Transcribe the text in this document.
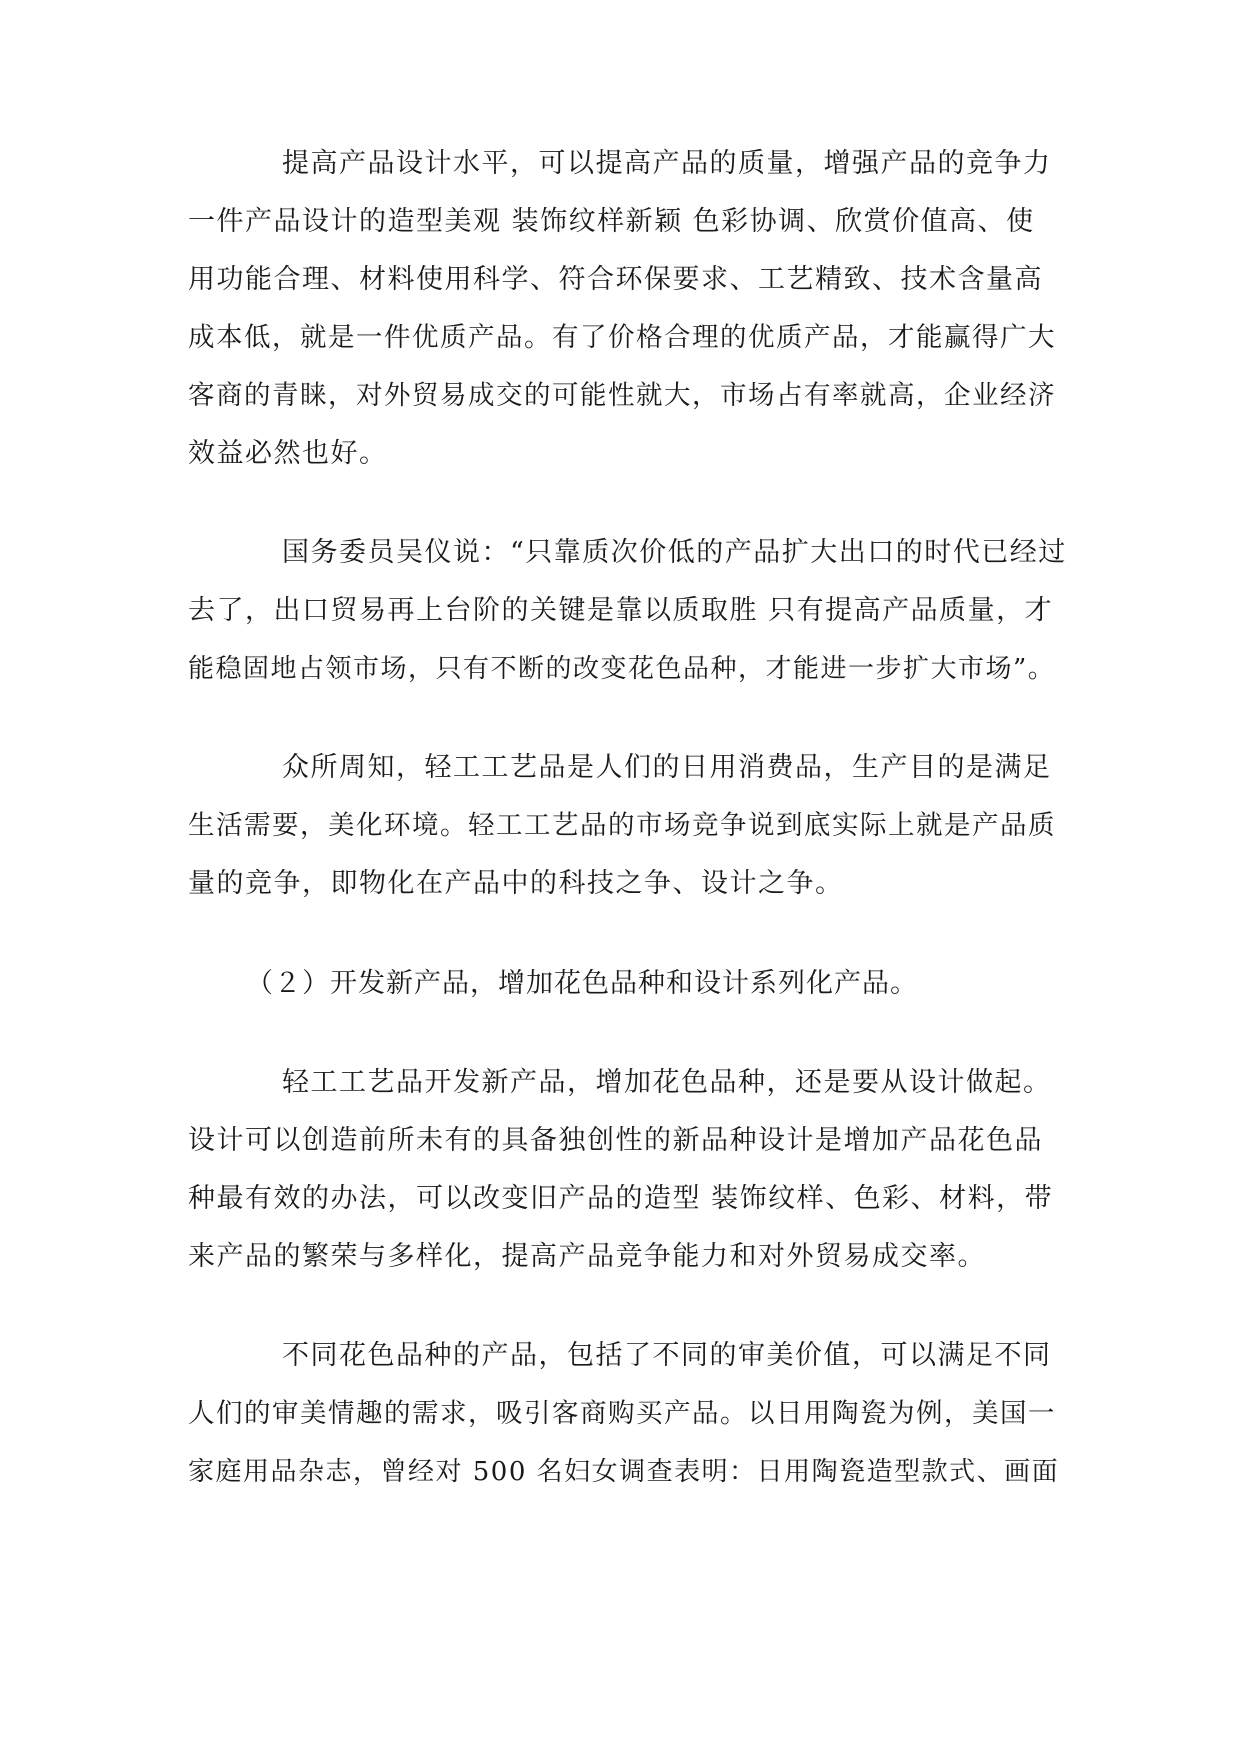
提高产品设计水平，可以提高产品的质量，增强产品的竞争力
一件产品设计的造型美观 装饰纹样新颖 色彩协调、欣赏价值高、使
用功能合理、材料使用科学、符合环保要求、工艺精致、技术含量高
成本低，就是一件优质产品。有了价格合理的优质产品，才能赢得广大
客商的青睐，对外贸易成交的可能性就大，市场占有率就高，企业经济
效益必然也好。
国务委员吴仪说：“只靠质次价低的产品扩大出口的时代已经过
去了，出口贸易再上台阶的关键是靠以质取胜 只有提高产品质量，才
能稳固地占领市场，只有不断的改变花色品种，才能进一步扩大市场”。
众所周知，轻工工艺品是人们的日用消费品，生产目的是满足
生活需要，美化环境。轻工工艺品的市场竞争说到底实际上就是产品质
量的竞争，即物化在产品中的科技之争、设计之争。
（２）开发新产品，增加花色品种和设计系列化产品。
轻工工艺品开发新产品，增加花色品种，还是要从设计做起。
设计可以创造前所未有的具备独创性的新品种设计是增加产品花色品
种最有效的办法，可以改变旧产品的造型 装饰纹样、色彩、材料，带
来产品的繁荣与多样化，提高产品竞争能力和对外贸易成交率。
不同花色品种的产品，包括了不同的审美价值，可以满足不同
人们的审美情趣的需求，吸引客商购买产品。以日用陶瓷为例，美国一
家庭用品杂志，曾经对 500 名妇女调查表明：日用陶瓷造型款式、画面
